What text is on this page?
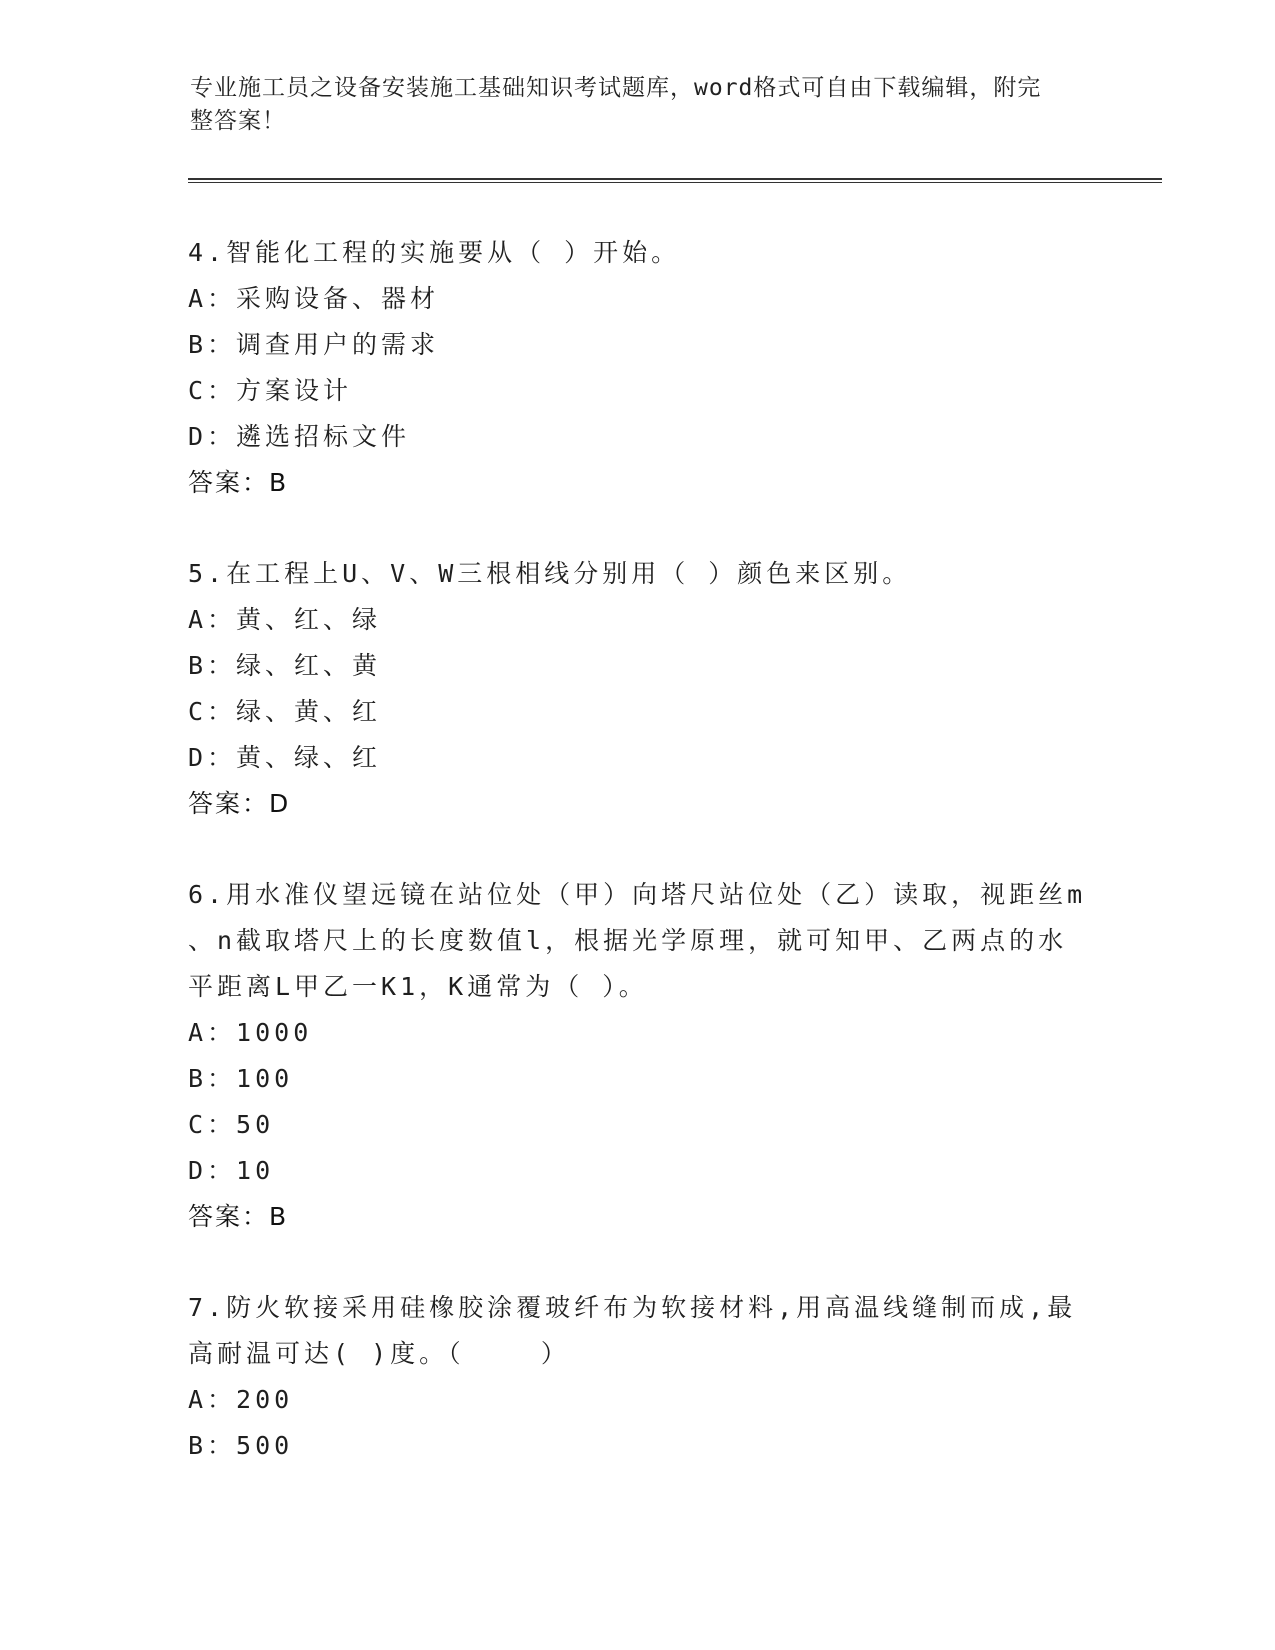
专业施工员之设备安装施工基础知识考试题库，word格式可自由下载编辑，附完
整答案！
4.智能化工程的实施要从（ ）开始。
A：采购设备、器材
B：调查用户的需求
C：方案设计
D：遴选招标文件
答案：B
5.在工程上U、V、W三根相线分别用（ ）颜色来区别。
A：黄、红、绿
B：绿、红、黄
C：绿、黄、红
D：黄、绿、红
答案：D
6.用水准仪望远镜在站位处（甲）向塔尺站位处（乙）读取，视距丝m
、n截取塔尺上的长度数值l，根据光学原理，就可知甲、乙两点的水
平距离L甲乙一K1，K通常为（ ）。
A：1000
B：100
C：50
D：10
答案：B
7.防火软接采用硅橡胶涂覆玻纤布为软接材料,用高温线缝制而成,最
高耐温可达( )度。（    ）
A：200
B：500
